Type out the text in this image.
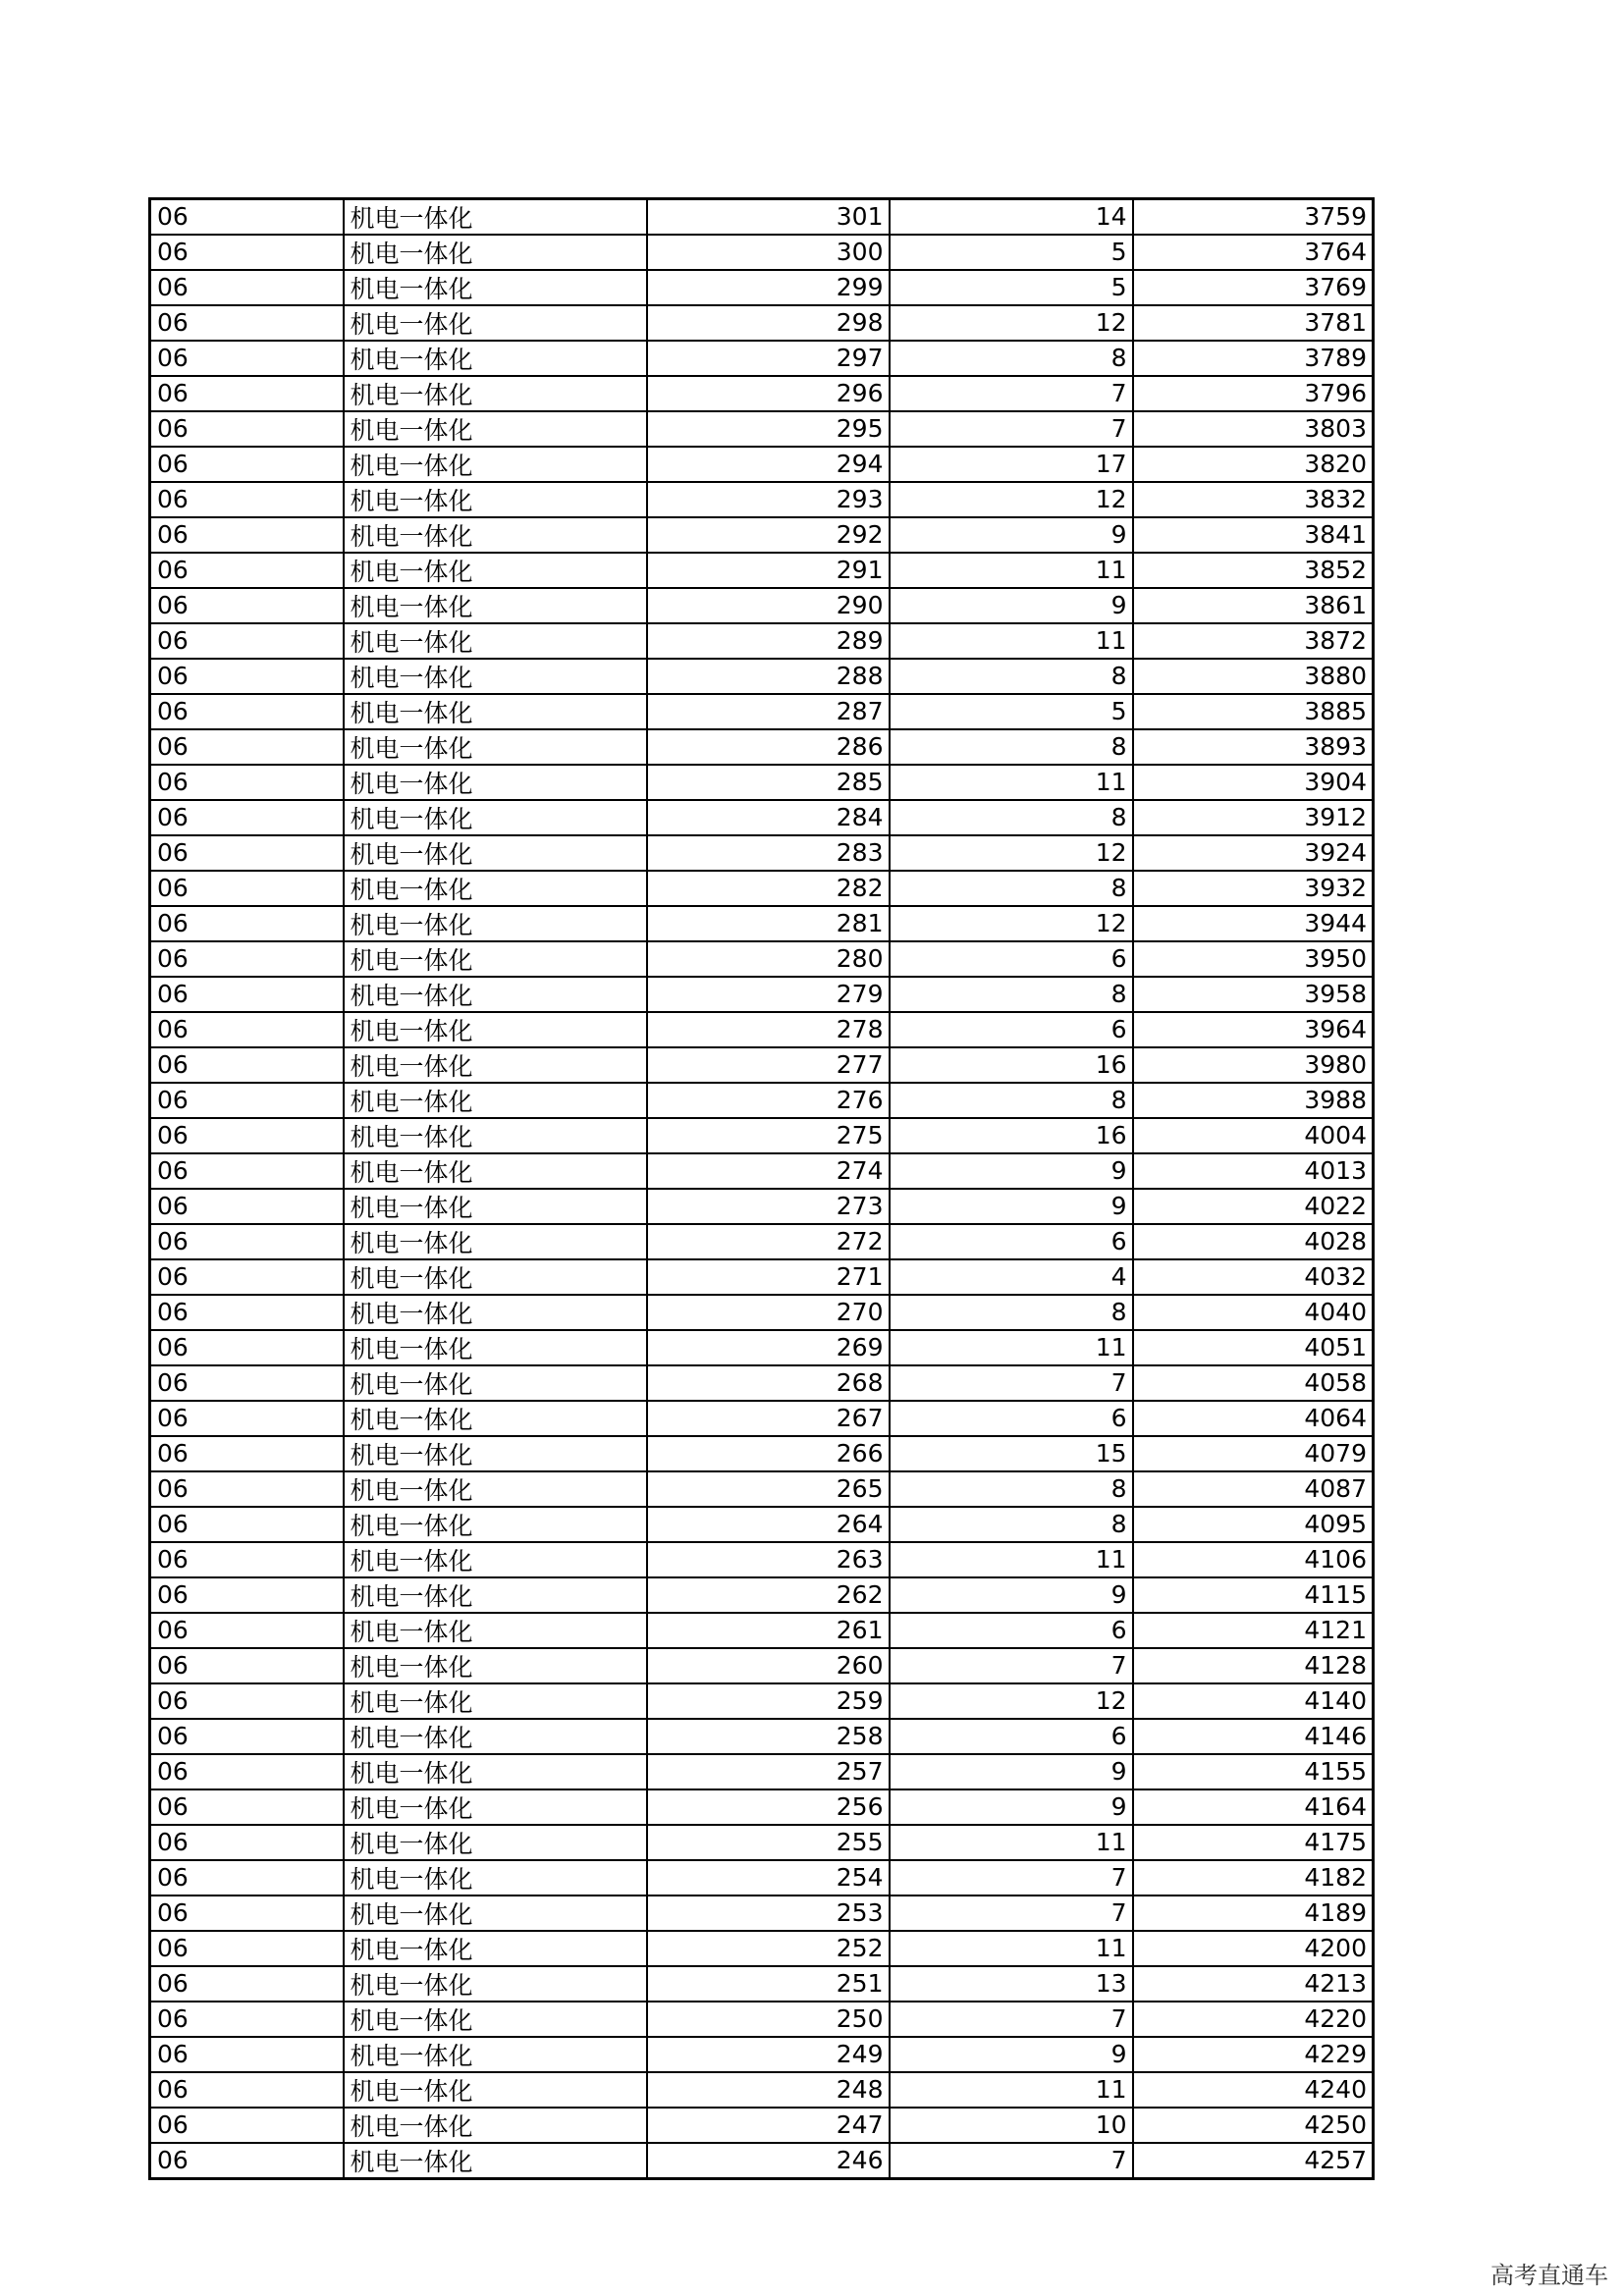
06	机电一体化	301	14	3759
06	机电一体化	300	5	3764
06	机电一体化	299	5	3769
06	机电一体化	298	12	3781
06	机电一体化	297	8	3789
06	机电一体化	296	7	3796
06	机电一体化	295	7	3803
06	机电一体化	294	17	3820
06	机电一体化	293	12	3832
06	机电一体化	292	9	3841
06	机电一体化	291	11	3852
06	机电一体化	290	9	3861
06	机电一体化	289	11	3872
06	机电一体化	288	8	3880
06	机电一体化	287	5	3885
06	机电一体化	286	8	3893
06	机电一体化	285	11	3904
06	机电一体化	284	8	3912
06	机电一体化	283	12	3924
06	机电一体化	282	8	3932
06	机电一体化	281	12	3944
06	机电一体化	280	6	3950
06	机电一体化	279	8	3958
06	机电一体化	278	6	3964
06	机电一体化	277	16	3980
06	机电一体化	276	8	3988
06	机电一体化	275	16	4004
06	机电一体化	274	9	4013
06	机电一体化	273	9	4022
06	机电一体化	272	6	4028
06	机电一体化	271	4	4032
06	机电一体化	270	8	4040
06	机电一体化	269	11	4051
06	机电一体化	268	7	4058
06	机电一体化	267	6	4064
06	机电一体化	266	15	4079
06	机电一体化	265	8	4087
06	机电一体化	264	8	4095
06	机电一体化	263	11	4106
06	机电一体化	262	9	4115
06	机电一体化	261	6	4121
06	机电一体化	260	7	4128
06	机电一体化	259	12	4140
06	机电一体化	258	6	4146
06	机电一体化	257	9	4155
06	机电一体化	256	9	4164
06	机电一体化	255	11	4175
06	机电一体化	254	7	4182
06	机电一体化	253	7	4189
06	机电一体化	252	11	4200
06	机电一体化	251	13	4213
06	机电一体化	250	7	4220
06	机电一体化	249	9	4229
06	机电一体化	248	11	4240
06	机电一体化	247	10	4250
06	机电一体化	246	7	4257
高考直通车
